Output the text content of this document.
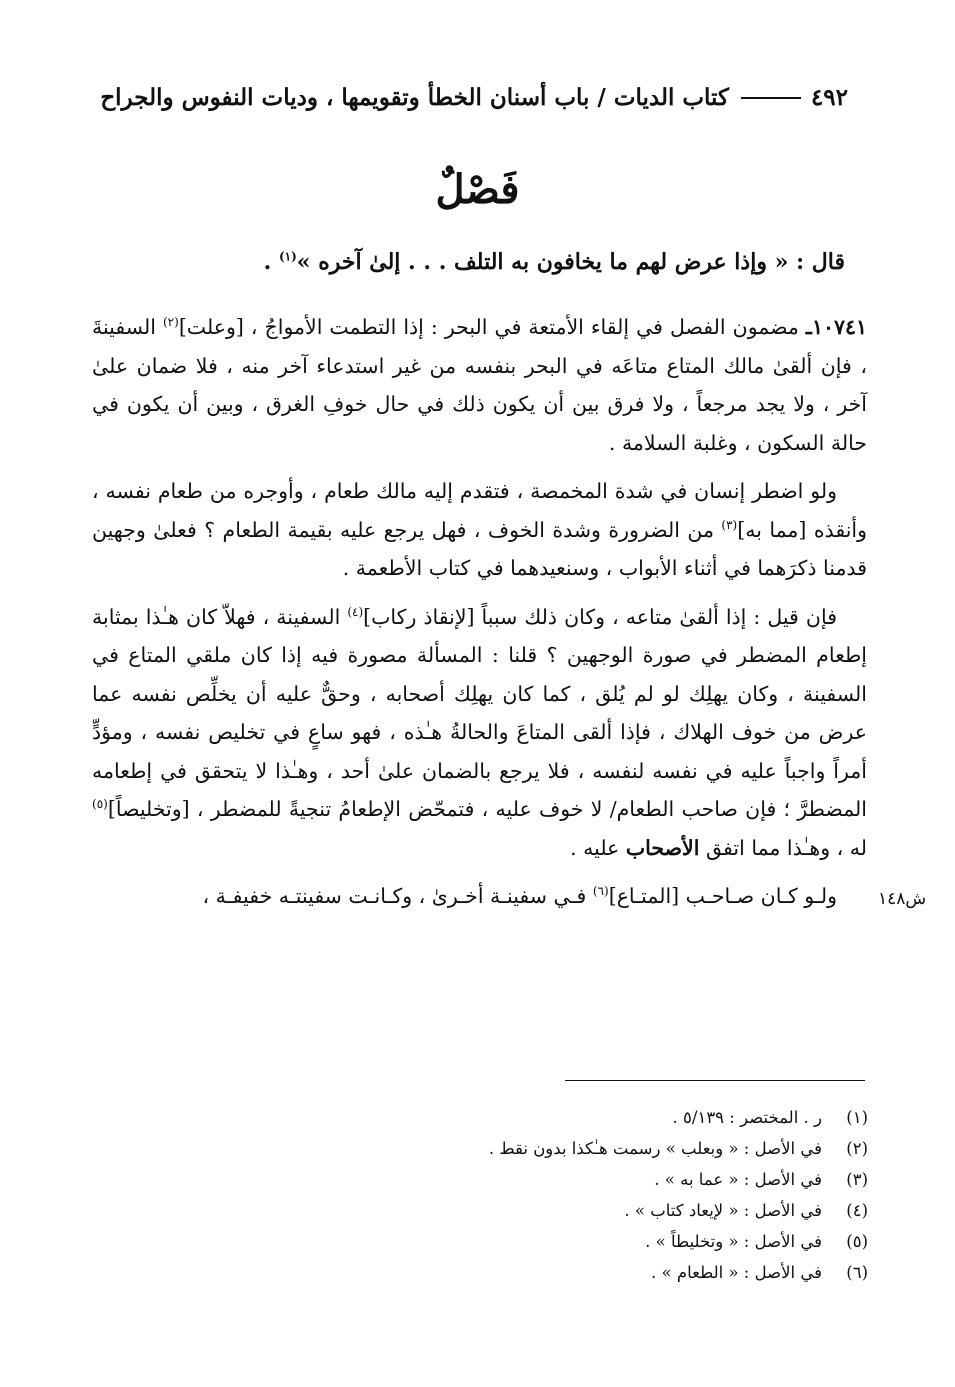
٤٩٢
كتاب الديات / باب أسنان الخطأ وتقويمها ، وديات النفوس والجراح
فَصْلٌ
قال : « وإذا عرض لهم ما يخافون به التلف . . . إلىٰ آخره »$^{(١)}$ .

١٠٧٤١ـ مضمون الفصل في إلقاء الأمتعة في البحر : إذا التطمت الأمواجُ ، [وعلت]$^{(٢)}$ السفينةَ ، فإن ألقىٰ مالك المتاع متاعَه في البحر بنفسه من غير استدعاء آخر منه ، فلا ضمان علىٰ آخر ، ولا يجد مرجعاً ، ولا فرق بين أن يكون ذلك في حال خوفِ الغرق ، وبين أن يكون في حالة السكون ، وغلبة السلامة .

ولو اضطر إنسان في شدة المخمصة ، فتقدم إليه مالك طعام ، وأوجره من طعام نفسه ، وأنقذه [مما به]$^{(٣)}$ من الضرورة وشدة الخوف ، فهل يرجع عليه بقيمة الطعام ؟ فعلىٰ وجهين قدمنا ذكرَهما في أثناء الأبواب ، وسنعيدهما في كتاب الأطعمة .

فإن قيل : إذا ألقىٰ متاعه ، وكان ذلك سبباً [لإنقاذ ركاب]$^{(٤)}$ السفينة ، فهلاّ كان هـٰذا بمثابة إطعام المضطر في صورة الوجهين ؟ قلنا : المسألة مصورة فيه إذا كان ملقي المتاع في السفينة ، وكان يهلِك لو لم يُلق ، كما كان يهلِك أصحابه ، وحقٌّ عليه أن يخلِّص نفسه عما عرض من خوف الهلاك ، فإذا ألقى المتاعَ والحالةُ هـٰذه ، فهو ساعٍ في تخليص نفسه ، ومؤدٍّ أمراً واجباً عليه في نفسه لنفسه ، فلا يرجع بالضمان علىٰ أحد ، وهـٰذا لا يتحقق في إطعامه المضطرَّ ؛ فإن صاحب الطعام/ لا خوف عليه ، فتمحّض الإطعامُ تنجيةً للمضطر ، [وتخليصاً]$^{(٥)}$ له ، وهـٰذا مما اتفق الأصحاب عليه .

ولـو كـان صـاحـب [المتـاع]$^{(٦)}$ فـي سفينـة أخـرىٰ ، وكـانـت سفينتـه خفيفـة ،	ش١٤٨
(١)ر . المختصر : ٥/١٣٩ .
(٢)في الأصل : « وبعلب » رسمت هـٰكذا بدون نقط .
(٣)في الأصل : « عما به » .
(٤)في الأصل : « لإيعاد كتاب » .
(٥)في الأصل : « وتخليطاً » .
(٦)في الأصل : « الطعام » .
